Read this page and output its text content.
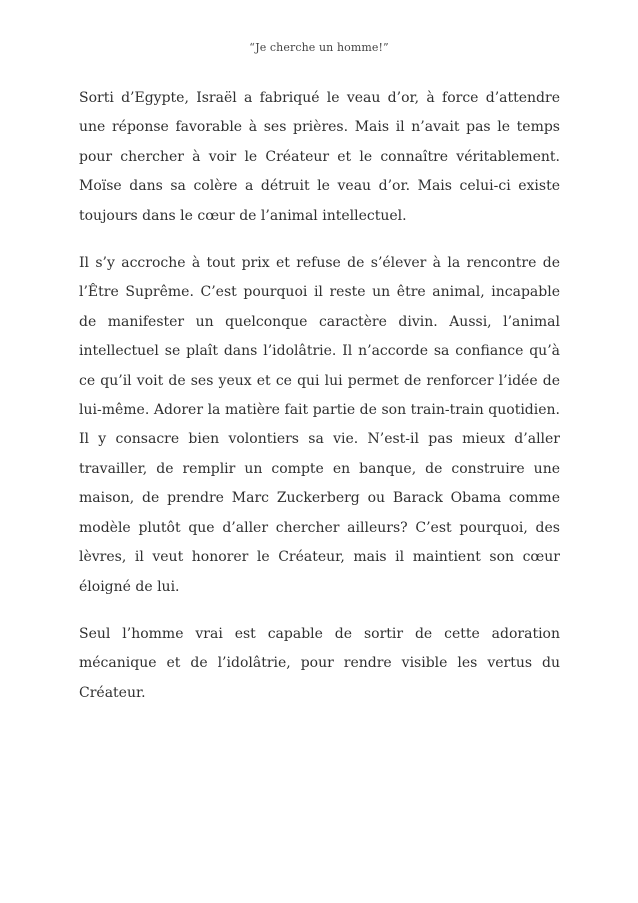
“Je cherche un homme!”

Sorti d’Egypte, Israël a fabriqué le veau d’or, à force d’attendre une réponse favorable à ses prières. Mais il n’avait pas le temps pour chercher à voir le Créateur et le connaître véritablement. Moïse dans sa colère a détruit le veau d’or. Mais celui-ci existe toujours dans le cœur de l’animal intellectuel.

Il s’y accroche à tout prix et refuse de s’élever à la rencontre de l’Être Suprême. C’est pourquoi il reste un être animal, incapable de manifester un quelconque caractère divin. Aussi, l’animal intellectuel se plaît dans l’idolâtrie. Il n’accorde sa confiance qu’à ce qu’il voit de ses yeux et ce qui lui permet de renforcer l’idée de lui-même. Adorer la matière fait partie de son train-train quotidien. Il y consacre bien volontiers sa vie. N’est-il pas mieux d’aller travailler, de remplir un compte en banque, de construire une maison, de prendre Marc Zuckerberg ou Barack Obama comme modèle plutôt que d’aller chercher ailleurs? C’est pourquoi, des lèvres, il veut honorer le Créateur, mais il maintient son cœur éloigné de lui.

Seul l’homme vrai est capable de sortir de cette adoration mécanique et de l’idolâtrie, pour rendre visible les vertus du Créateur.
